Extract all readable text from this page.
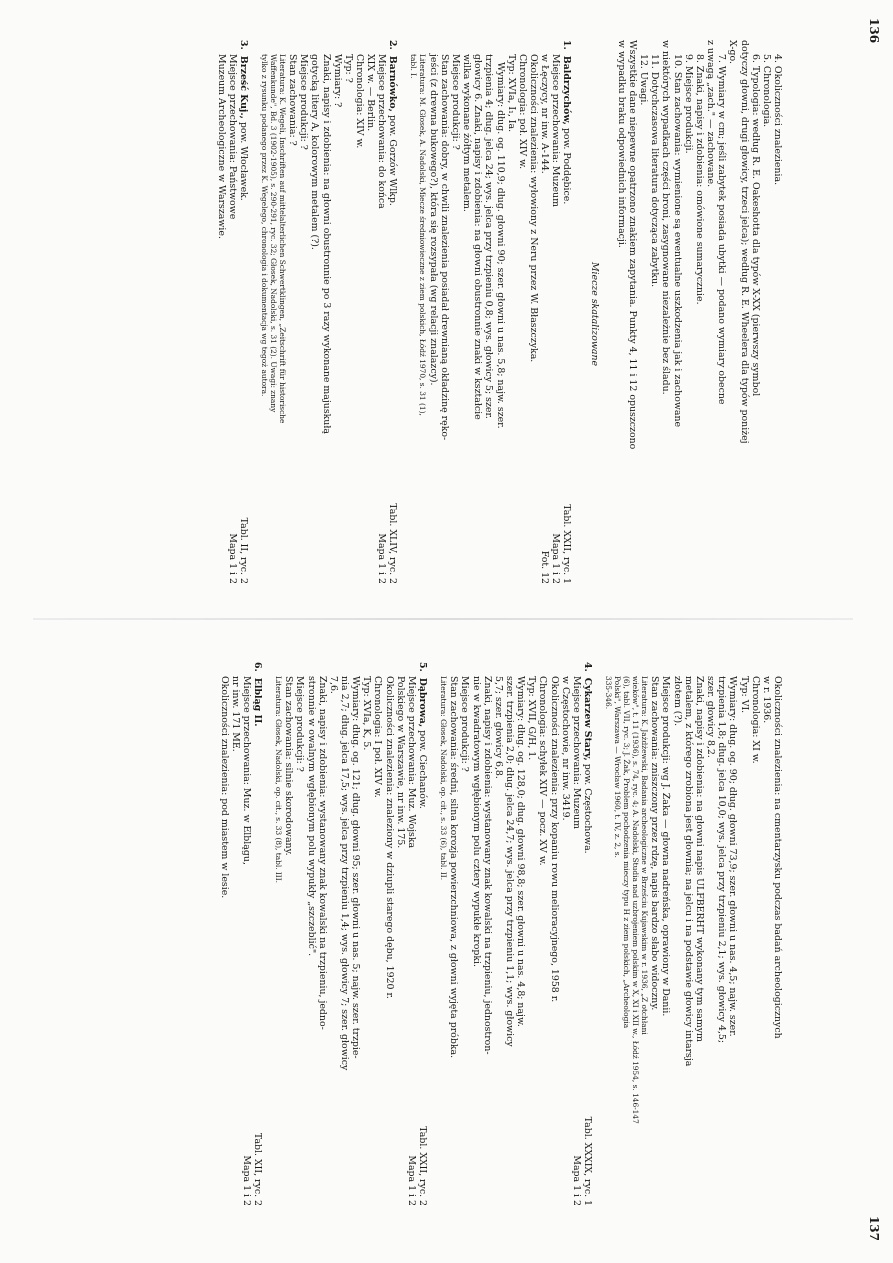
136
4. Okoliczności znalezienia.
5. Chronologia.
6. Typologia: według R. E. Oakeshotta dla typów X-XX (pierwszy symbol
dotyczy głowni, drugi głowicy, trzeci jelca); według R. E. Wheelera dla typów poniżej
X-go.
7. Wymiary w cm; jeśli zabytek posiada ubytki — podano wymiary obecne
z uwagą „zach." — zachowane.
8. Znaki, napisy i zdobienia: omówione sumarycznie.
9. Miejsce produkcji.
10. Stan zachowania: wymienione są ewentualne uszkodzenia jak i zachowane
w niektórych wypadkach części broni, zasygnowane niezależnie bez śladu.
11. Dotychczasowa literatura dotycząca zabytku.
12. Uwagi.
Wszystkie dane niepewne opatrzono znakiem zapytania. Punkty 4, 11 i 12 opuszczono
w wypadku braku odpowiednich informacji.
Miecze skatalizowane
1.  Baldrzychów, pow. Poddębice.
Tabl. XXII, ryc. 1
Miejsce przechowania: Muzeum
Mapa 1 i 2
w Łęczycy, nr inw. A-144.
Fot. 12
Okoliczności znalezienia: wyłowiony z Neru przez W. Błaszczyka.
Chronologia: poł. XIV w.
Typ: XVIa, I₁, Ia.
Wymiary: dług. og. 110,9; dług. głowni 90; szer. głowni u nas. 5,8; najw. szer.
trzpienia 4; dług. jelca 24; wys. jelca przy trzpieniu 0,8; wys. głowicy 5; szer.
głowicy 6. Znaki, napisy i zdobienia: na głowni obustronnie znaki w kształcie
wilka wykonane żółtym metalem.
Miejsce produkcji: ?
Stan zachowania: dobry, w chwili znalezienia posiadał drewnianą okładzinę ręko-
jeści (z drewna bukowego?), która się rozsypała (wg relacji znalazcy).
Literatura: M. Głosek, A. Nadolski, Miecze średniowieczne z ziem polskich, Łódź 1970, s. 31 (1),
tabl. I.
2.  Barnówko, pow. Gorzów Wlkp.
Tabl. XLIV, ryc. 2
Miejsce przechowania: do końca
Mapa 1 i 2
XIX w. — Berlin.
Chronologia: XIV w.
Typ: ?
Wymiary: ?
Znaki, napisy i zdobienia: na głowni obustronnie po 3 razy wykonane majuskułą
gotycką litery A, kolorowym metalem (?).
Miejsce produkcji: ?
Stan zachowania: ?
Literatura: K. Wegeli, Inschriften auf mittelalterlichen Schwertklingen, „Zeitschrift für historische
Waffenkunde", Bd. 3 (1902-1905), s. 290-291, ryc. 32; Głosek, Nadolski, s. 31 (2). Uwagi: znany
tylko z rysunku podanego przez K. Wegelego, chronologia i dokumentacja wg tegoż autora.
3.  Brześć Kuj., pow. Włocławek.
Tabl. II, ryc. 2
Miejsce przechowania: Państwowe
Mapa 1 i 2
Muzeum Archeologiczne w Warszawie.
137
Okoliczności znalezienia: na cmentarzysku podczas badań archeologicznych
w r. 1936.
Chronologia: XI w.
Typ: VI.
Wymiary: dług. og. 90; dług. głowni 73,9; szer. głowni u nas. 4,5; najw. szer.
trzpienia 1,8; dług. jelca 10,0; wys. jelca przy trzpieniu 2,1; wys. głowicy 4,5;
szer. głowicy 8,2.
Znaki, napisy i zdobienia: na głowni napis ULFBERHT wykonany tym samym
metalem, z którego zrobiona jest głownia; na jelcu i na podstawie głowicy intarsja
złotem (?).
Miejsce produkcji: wg J. Żaka — głowna nadreńska, oprawiony w Danii.
Stan zachowania: zniszczony przez rdzę, napis bardzo słabo widoczny.
Literatura: K. Jażdżewski, Badania archeologiczne w Brześciu Kujawskim w r. 1936, „Z otchłani
wieków", t. 11 (1936), s. 74, ryc. 4; A. Nadolski, Studia nad uzbrojeniem polskim w X, XI i XII w., Łódź 1954, s. 146-147
(6), tabl. VII, ryc. 3; J. Żak, Problem pochodzenia mieczy typu H z ziem polskich, „Archeologia
Polski", Warszawa — Wrocław 1960, t. IV, z. 2, s.
335-346.
4.  Cykarzew Stary, pow. Częstochowa.
Tabl. XXXIX, ryc. 1
Miejsce przechowania: Muzeum
Mapa 1 i 2
w Częstochowie, nr inw. 3419.
Okoliczności znalezienia: przy kopaniu rowu melioracyjnego, 1958 r.
Chronologia: schyłek XIV — pocz. XV w.
Typ: XVII, G/H, 1.
Wymiary: dług. og. 128,0; dług. głowni 98,8; szer. głowni u nas. 4,8; najw.
szer. trzpienia 2,0; dług. jelca 24,7; wys. jelca przy trzpieniu 1,1; wys. głowicy
5,7; szer. głowicy 6,8.
Znaki, napisy i zdobienia: wystanowany znak kowalski na trzpieniu, jednostron-
nie w kwadratowym wgłębionym polu cztery wypukłe kropki.
Miejsce produkcji: ?
Stan zachowania: średni, silna korozja powierzchniowa, z głowni wyjęta próbka.
Literatura: Głosek, Nadolski, op. cit., s. 33 (6), tabl. II.
5.  Dąbrowa, pow. Ciechanów.
Tabl. XXII, ryc. 2
Miejsce przechowania: Muz. Wojska
Mapa 1 i 2
Polskiego w Warszawie, nr inw. 175.
Okoliczności znalezienia: znaleziony w dziupli starego dębu, 1920 r.
Chronologia: I poł. XIV w.
Typ: XVIa, K, 5.
Wymiary: dług. og. 121; dług. głowni 95; szer. głowni u nas. 5; najw. szer. trzpie-
nia 2,7; dług. jelca 17,5; wys. jelca przy trzpieniu 1,4; wys. głowicy 7; szer. głowicy
7,6.
Znaki, napisy i zdobienia: wystanowany znak kowalski na trzpieniu, jedno-
stronnie w owalnym wgłębionym polu wypukły „szczeblić".
Miejsce produkcji: ?
Stan zachowania: silnie skorodowany.
Literatura: Głosek, Nadolski, op. cit., s. 33 (8), tabl. III.
6.  Elbląg II.
Tabl. XII, ryc. 2
Miejsce przechowania: Muz. w Elblągu,
Mapa 1 i 2
nr inw. 171 ME.
Okoliczności znalezienia: pod miastem w lesie.
